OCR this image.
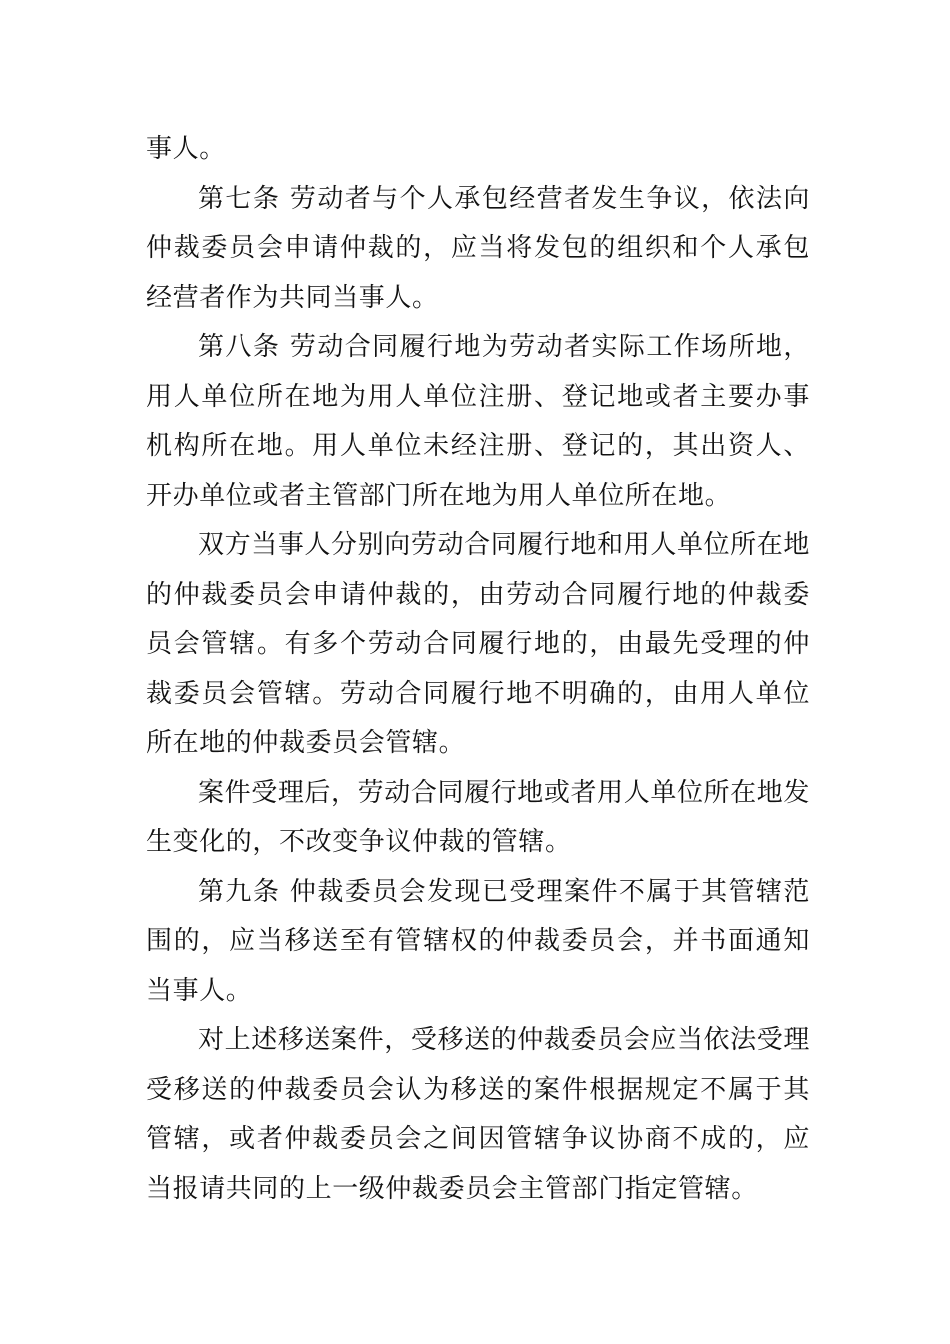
事人。

第七条 劳动者与个人承包经营者发生争议，依法向仲裁委员会申请仲裁的，应当将发包的组织和个人承包经营者作为共同当事人。

第八条 劳动合同履行地为劳动者实际工作场所地，用人单位所在地为用人单位注册、登记地或者主要办事机构所在地。用人单位未经注册、登记的，其出资人、开办单位或者主管部门所在地为用人单位所在地。

双方当事人分别向劳动合同履行地和用人单位所在地的仲裁委员会申请仲裁的，由劳动合同履行地的仲裁委员会管辖。有多个劳动合同履行地的，由最先受理的仲裁委员会管辖。劳动合同履行地不明确的，由用人单位所在地的仲裁委员会管辖。

案件受理后，劳动合同履行地或者用人单位所在地发生变化的，不改变争议仲裁的管辖。

第九条 仲裁委员会发现已受理案件不属于其管辖范围的，应当移送至有管辖权的仲裁委员会，并书面通知当事人。

对上述移送案件，受移送的仲裁委员会应当依法受理受移送的仲裁委员会认为移送的案件根据规定不属于其管辖，或者仲裁委员会之间因管辖争议协商不成的，应当报请共同的上一级仲裁委员会主管部门指定管辖。
